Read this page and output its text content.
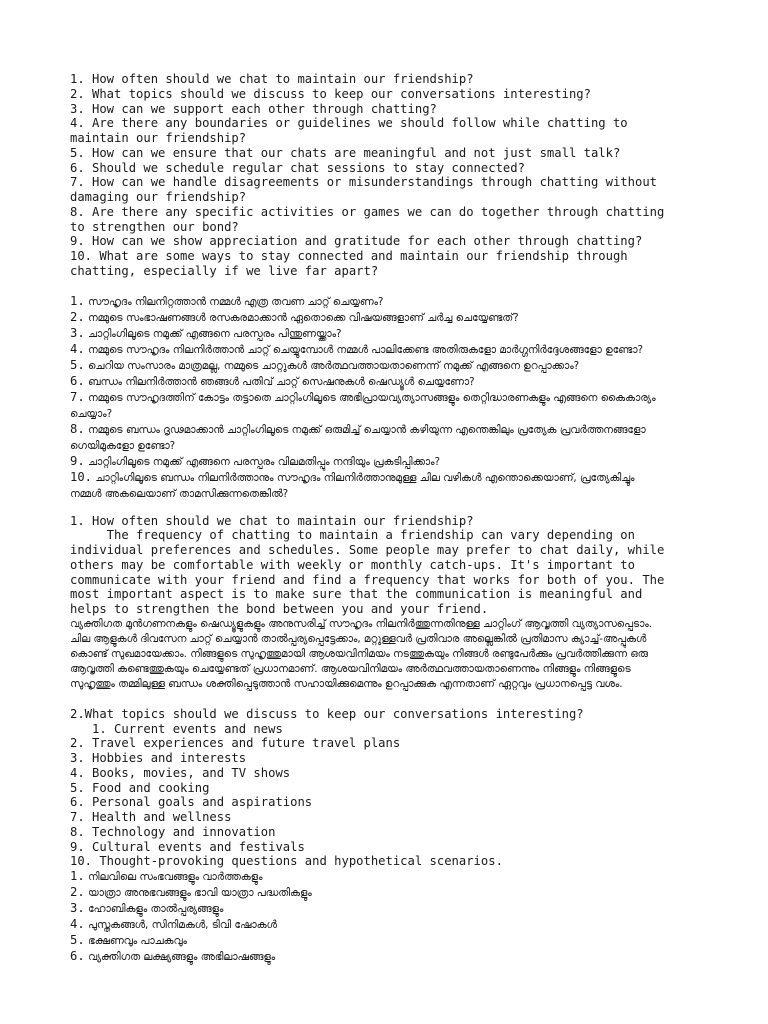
1. How often should we chat to maintain our friendship?
2. What topics should we discuss to keep our conversations interesting?
3. How can we support each other through chatting?
4. Are there any boundaries or guidelines we should follow while chatting to
maintain our friendship?
5. How can we ensure that our chats are meaningful and not just small talk?
6. Should we schedule regular chat sessions to stay connected?
7. How can we handle disagreements or misunderstandings through chatting without
damaging our friendship?
8. Are there any specific activities or games we can do together through chatting
to strengthen our bond?
9. How can we show appreciation and gratitude for each other through chatting?
10. What are some ways to stay connected and maintain our friendship through
chatting, especially if we live far apart?
1. സൗഹൃദം നിലനിറ്റത്താൻ നമ്മൾ എത്ര തവണ ചാറ്റ് ചെയ്യണം?
2. നമ്മുടെ സംഭാഷണങ്ങൾ രസകരമാക്കാൻ ഏതൊക്കെ വിഷയങ്ങളാണ് ചർച്ച ചെയ്യേണ്ടത്?
3. ചാറ്റിംഗിലൂടെ നമുക്ക് എങ്ങനെ പരസ്പരം പിന്തുണയ്ക്കാം?
4. നമ്മുടെ സൗഹൃദം നിലനിർത്താൻ ചാറ്റ് ചെയ്യുമ്പോൾ നമ്മൾ പാലിക്കേണ്ട അതിരുകളോ മാർഗ്ഗനിർദ്ദേശങ്ങളോ ഉണ്ടോ?
5. ചെറിയ സംസാരം മാത്രമല്ല, നമ്മുടെ ചാറ്റുകൾ അർത്ഥവത്തായതാണെന്ന് നമുക്ക് എങ്ങനെ ഉറപ്പാക്കാം?
6. ബന്ധം നിലനിർത്താൻ ഞങ്ങൾ പതിവ് ചാറ്റ് സെഷനുകൾ ഷെഡ്യൂൾ ചെയ്യണോ?
7. നമ്മുടെ സൗഹൃദത്തിന് കോട്ടം തട്ടാതെ ചാറ്റിംഗിലൂടെ അഭിപ്രായവ്യത്യാസങ്ങളും തെറ്റിദ്ധാരണകളും എങ്ങനെ കൈകാര്യം
ചെയ്യാം?
8. നമ്മുടെ ബന്ധം ദൃഢമാക്കാൻ ചാറ്റിംഗിലൂടെ നമുക്ക് ഒരുമിച്ച് ചെയ്യാൻ കഴിയുന്ന എന്തെങ്കിലും പ്രത്യേക പ്രവർത്തനങ്ങളോ
ഗെയിമുകളോ ഉണ്ടോ?
9. ചാറ്റിംഗിലൂടെ നമുക്ക് എങ്ങനെ പരസ്പരം വിലമതിപ്പും നന്ദിയും പ്രകടിപ്പിക്കാം?
10. ചാറ്റിംഗിലൂടെ ബന്ധം നിലനിർത്താനും സൗഹൃദം നിലനിർത്താനുമുള്ള ചില വഴികൾ എന്തൊക്കെയാണ്, പ്രത്യേകിച്ചും
നമ്മൾ അകലെയാണ് താമസിക്കുന്നതെങ്കിൽ?
1. How often should we chat to maintain our friendship?
The frequency of chatting to maintain a friendship can vary depending on
individual preferences and schedules. Some people may prefer to chat daily, while
others may be comfortable with weekly or monthly catch-ups. It's important to
communicate with your friend and find a frequency that works for both of you. The
most important aspect is to make sure that the communication is meaningful and
helps to strengthen the bond between you and your friend.
വ്യക്തിഗത മുൻഗണനകളും ഷെഡ്യൂളുകളും അനുസരിച്ച് സൗഹൃദം നിലനിർത്തുന്നതിനുള്ള ചാറ്റിംഗ് ആവൃത്തി വ്യത്യാസപ്പെടാം.
ചില ആളുകൾ ദിവസേന ചാറ്റ് ചെയ്യാൻ താൽപ്പര്യപ്പെട്ടേക്കാം, മറ്റുള്ളവർ പ്രതിവാര അല്ലെങ്കിൽ പ്രതിമാസ ക്യാച്ച്-അപ്പുകൾ
കൊണ്ട് സുഖമായേക്കാം. നിങ്ങളുടെ സുഹൃത്തുമായി ആശയവിനിമയം നടത്തുകയും നിങ്ങൾ രണ്ടുപേർക്കും പ്രവർത്തിക്കുന്ന ഒരു
ആവൃത്തി കണ്ടെത്തുകയും ചെയ്യേണ്ടത് പ്രധാനമാണ്. ആശയവിനിമയം അർത്ഥവത്തായതാണെന്നും നിങ്ങളും നിങ്ങളുടെ
സുഹൃത്തും തമ്മിലുള്ള ബന്ധം ശക്തിപ്പെടുത്താൻ സഹായിക്കുമെന്നും ഉറപ്പാക്കുക എന്നതാണ് ഏറ്റവും പ്രധാനപ്പെട്ട വശം.
2.What topics should we discuss to keep our conversations interesting?
1. Current events and news
2. Travel experiences and future travel plans
3. Hobbies and interests
4. Books, movies, and TV shows
5. Food and cooking
6. Personal goals and aspirations
7. Health and wellness
8. Technology and innovation
9. Cultural events and festivals
10. Thought-provoking questions and hypothetical scenarios.
1. നിലവിലെ സംഭവങ്ങളും വാർത്തകളും
2. യാത്രാ അനുഭവങ്ങളും ഭാവി യാത്രാ പദ്ധതികളും
3. ഹോബികളും താൽപ്പര്യങ്ങളും
4. പുസ്തകങ്ങൾ, സിനിമകൾ, ടിവി ഷോകൾ
5. ഭക്ഷണവും പാചകവും
6. വ്യക്തിഗത ലക്ഷ്യങ്ങളും അഭിലാഷങ്ങളും
